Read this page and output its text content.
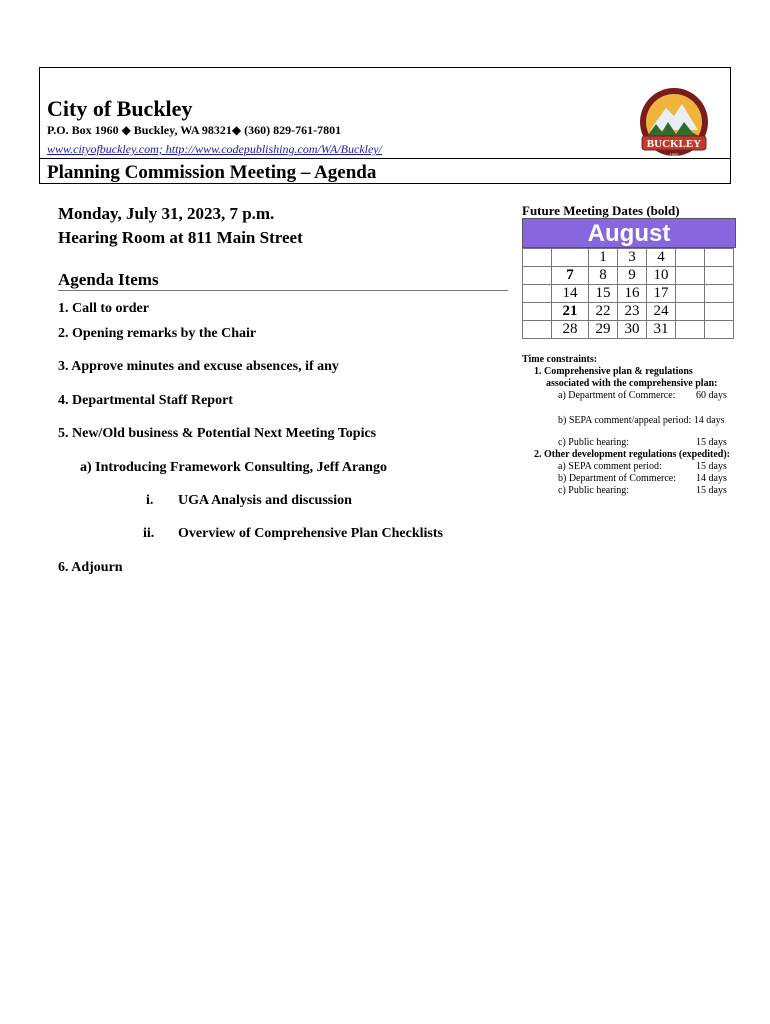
City of Buckley
P.O. Box 1960 ◆ Buckley, WA 98321◆ (360) 829-761-7801
www.cityofbuckley.com; http://www.codepublishing.com/WA/Buckley/
Planning Commission Meeting – Agenda
BUCKLEY
1890
Monday, July 31, 2023, 7 p.m.
Hearing Room at 811 Main Street
Agenda Items
1. Call to order
2. Opening remarks by the Chair
3. Approve minutes and excuse absences, if any
4. Departmental Staff Report
5. New/Old business & Potential Next Meeting Topics
a) Introducing Framework Consulting, Jeff Arango
i. UGA Analysis and discussion
ii. Overview of Comprehensive Plan Checklists
6. Adjourn
Future Meeting Dates (bold)
August
		1	3	4		
	7	8	9	10		
	14	15	16	17		
	21	22	23	24		
	28	29	30	31		
Time constraints:
1. Comprehensive plan & regulations
associated with the comprehensive plan:
a) Department of Commerce: 60 days
b) SEPA comment/appeal period: 14 days
c) Public hearing:	15 days
2. Other development regulations (expedited):
a) SEPA comment period:	15 days
b) Department of Commerce: 14 days
c) Public hearing:	15 days
